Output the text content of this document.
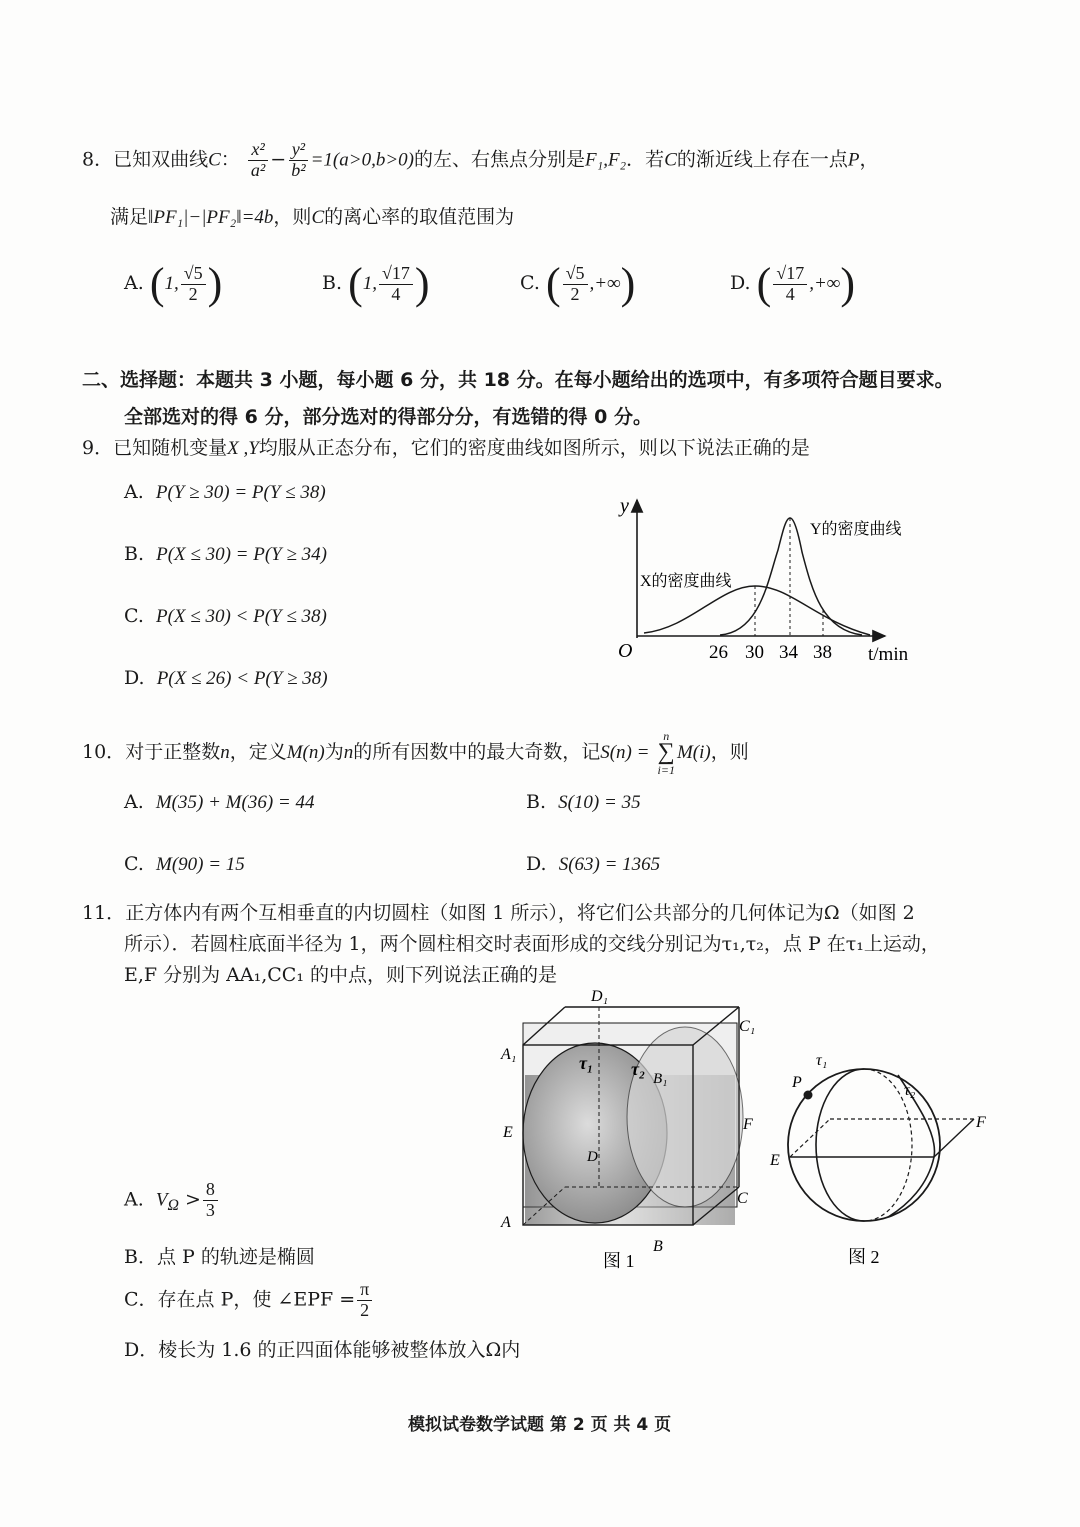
8．已知双曲线C： $\frac{\text{x²}}{\text{a²}} - \frac{\text{y²}}{\text{b²}} =1(a>0,b>0)$的左、右焦点分别是F₁,F₂．若C的渐近线上存在一点P，
满足‖PF₁|−|PF₂‖=4b，则C的离心率的取值范围为
A. (1, $\frac{√5}{2}$ )	B. (1, $\frac{√17}{4}$ )	C. ( $\frac{√5}{2}$ ,+∞)	D. ( $\frac{√17}{4}$ ,+∞)
二、选择题：本题共 3 小题，每小题 6 分，共 18 分。在每小题给出的选项中，有多项符合题目要求。
全部选对的得 6 分，部分选对的得部分分，有选错的得 0 分。
9．已知随机变量X ,Y均服从正态分布，它们的密度曲线如图所示，则以下说法正确的是
A. P(Y ≥ 30) = P(Y ≤ 38)
B. P(X ≤ 30) = P(Y ≥ 34)
C. P(X ≤ 30) < P(Y ≤ 38)
D. P(X ≤ 26) < P(Y ≥ 38)
y
O	t/min
26 30 34 38
Y的密度曲线
X的密度曲线
10．对于正整数n，定义M(n)为n的所有因数中的最大奇数，记S(n) =
n
∑
i=1
M(i)，则
A. M(35) + M(36) = 44	B. S(10) = 35
C. M(90) = 15	D. S(63) = 1365
11．正方体内有两个互相垂直的内切圆柱（如图 1 所示），将它们公共部分的几何体记为Ω（如图 2
所示）．若圆柱底面半径为 1，两个圆柱相交时表面形成的交线分别记为τ₁,τ₂，点 P 在τ₁上运动，
E,F 分别为 AA₁,CC₁ 的中点，则下列说法正确的是
D₁
C₁
A₁
B₁
τ₁ τ₂
E	F
D
C
A
B
图 1
τ₁
τ₂
P
E
F
图 2
A. $V_\Omega > \frac{8}{3}$
B．点 P 的轨迹是椭圆
C．存在点 P，使 ∠EPF = $\frac{\pi}{2}$
D．棱长为 1.6 的正四面体能够被整体放入Ω内
模拟试卷数学试题 第 2 页 共 4 页
